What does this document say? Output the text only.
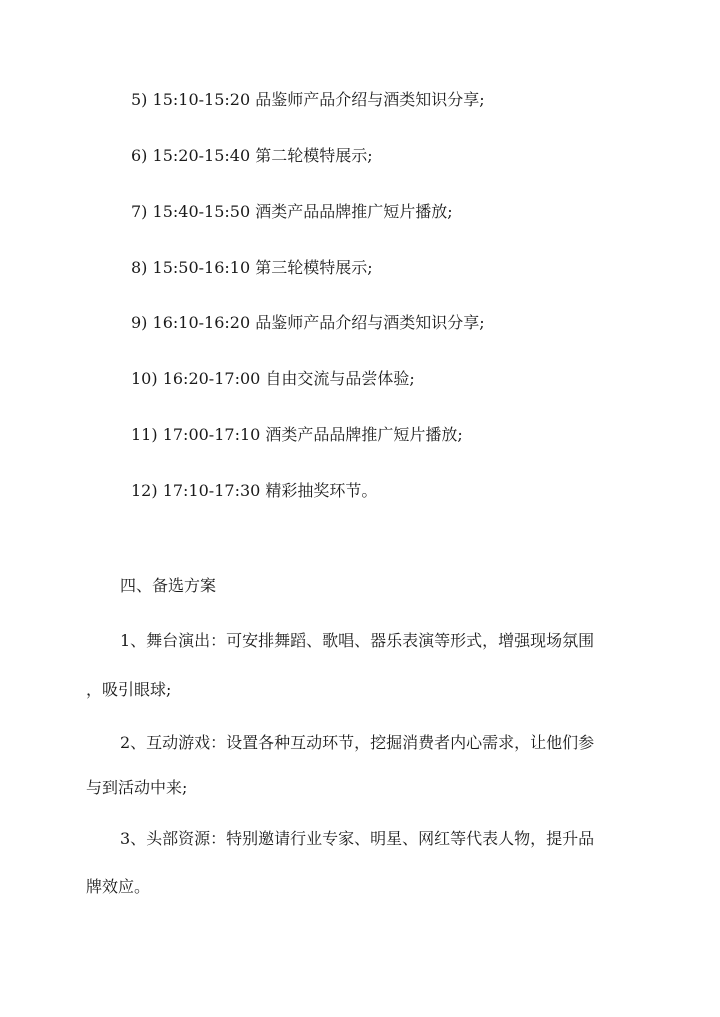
5) 15:10-15:20 品鉴师产品介绍与酒类知识分享;
6) 15:20-15:40 第二轮模特展示;
7) 15:40-15:50 酒类产品品牌推广短片播放;
8) 15:50-16:10 第三轮模特展示;
9) 16:10-16:20 品鉴师产品介绍与酒类知识分享;
10) 16:20-17:00 自由交流与品尝体验;
11) 17:00-17:10 酒类产品品牌推广短片播放;
12) 17:10-17:30 精彩抽奖环节。
四、备选方案
1、舞台演出：可安排舞蹈、歌唱、器乐表演等形式，增强现场氛围
，吸引眼球;
2、互动游戏：设置各种互动环节，挖掘消费者内心需求，让他们参
与到活动中来;
3、头部资源：特别邀请行业专家、明星、网红等代表人物，提升品
牌效应。
